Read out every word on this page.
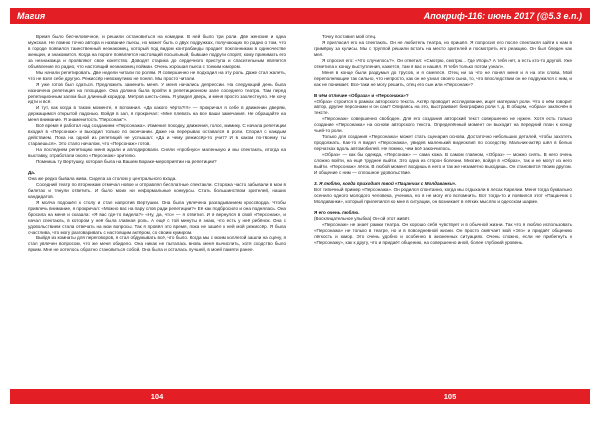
Магия

Время было бесчеловечное, и решили остановиться на комедии. В ней было три роли. Две женские и одна мужская. Не помню точно автора и название пьесы, но может быть о двух подружках, получающих по радио о том, что в городе появился таинственный незнакомец, который под видом контрабанды продает поклонникам в одиночестве женщин, и знакомится. Когда на пороге появляется настоящий посыльный, бывшие подруги спорят, кому принимать его за незнакомца и проявляют свое кокетство. Доводят старика до сердечного приступа и спасительным является объявление по радио, что настоящий незнакомец пойман. Очень хорошая пьеса с тонким юмором.

Мы начали репетировать. Две недели читали по ролям. Я совершенно не подходил на эту роль. Даже стал жалеть, что не взял себе другую. Режиссёр невозмутимо не понял. Мы просто читали.

Я уже готов был сдаться. Предложить заменить меня. У меня начались депрессии. На следующий день была назначена репетиция на площадке. Она должна была пройти в репетиционном зале соседнего театра. Там перед репетиционным залом был длинный коридор. Метров шесть-семь. Я увидел дверь, и меня просто захлестнуло. Не хочу идти и всё.

И тут, как когда в таком моменте, я вспомнил. «Да какого чёрта?!!!» — прокричал я себе в движении дверям, держащимся открытой ладонью. Войдя в зал, я прокричал: «Мне плевать на все ваши замечания. Не обращайте на меня внимание. Я знаменитость "Персонаж"».

Всё время я работал над созданием «Персонажа». Изменил походку, движения, голос, мимику. С начала репетиции входил в «Персонаж» и выходил только по окончании. Даже на перерывах оставался в роли. Спорил с каждым действием. Пока на одной из репетиций не услышал: «Да и чему режиссёр-то учит? И в каком по-твоему ты стараешься». Это стало началом, что «Персонаж» готов.

На последнем репетицию меня ждали и аплодировали. Сняли «пробную» маленькую и мы спектакль, итогда на выставку, отработали около «Персонаж» зрителю.

Помнишь ту Вертушку, которая была на Вашем Бараке-мероприятии на репетиции?

Да.

Она же редко бывала жива. Сидела за столом у центрального входа.

Соседний театр по вторникам отмечал новое и отправлял бесплатные спектакли. Сторожа часто забывали в мои в билетах и тянули ответить. И было моих ни неформальные конкурсы. Стать большинством зрителей, наших кандидатов.

Я молча подошёл к столу и стал напротив Вертушки. Она была увлечена разгадыванием кроссворда. Чтобы привлечь внимание, я прокричал: «Можно вас на пару слов ради репетиции?» Её как подбросило и она поднялась. Она бросила на меня и сказала: «Я вас где-то видела?» «Ну, да, что» — я ответил. И я вернулся в свой «Персонаж», и начал спектакль, в котором у неё была главная роль. А ещё с той минуты я знаю, что есть у неё ребёнок. Она с удовольствием стала отвечать на мои вопросы. Так я провёл это время, пока не зашёл к ней мой режиссёр. Я была счастлива, что могу разговаривать с настоящим актёром, со своим кумиром.

Выйдя из комнаты для переговоров, я стал обдумывать всё, что было. Когда мы с моим коллегой зашли на сцену, я стал увлечен вопросом, что же меня обидело. Она никак не пыталась вновь меня вычислить, хотя сходство было ярким. Мне не хотелось обратно становиться собой. Она была и осталась лучшей, в моей памяти ранее.

104
Апокриф-116: июнь 2017 (@5.3 e.n.)

Точку поставил мой отец.

Я пригласил его на спектакль. Он не любитель театра, но пришёл. Я попросил его после спектакля зайти к нам в гримёрку за кулисы. Мы с труппой решили встать на место зрителей и посмотреть его реакцию. Он был бледен как мел.

Я спросил его: «Что случилось?». Он ответил: «Смотрю, смотрю... Где Игорь? А тебя нет, а есть кто-то другой. Уже отметила к концу выступления, кажется, там я вас и нашёл. Я тебя только потом узнал».

Меня в конце были раздумья до трусов, и я смеялся. Отец ни за что не понял меня и я на эти слова. Мой переполняющие так сильно, что непросто, как он не узнал своего сына, то, что впоследствии он не подружился с ним, и как не понимает. Все-таки не могу решить, отец его сын или «Персонаж»?

В чём отличие «Образа» и «Персонажа»?

«Образ» строится в рамках авторского текста. Актёр проводит исследование, ищет материал роли. Что о нём говорит автор, другие персонажи и он сам? Опираясь на это, выстраивает биографию роли т. д. В общем, «образ» заключён в тексте.

«Персонаж» совершенно свободен. Для его создания авторский текст совершенно не нужен. Хотя есть только создание «Персонажа» на основе авторского текста. Определённый момент он выходит на передний план к концу чьей-то роли.

Только для создания «Персонажа» может стать сценария основа. Достаточно небольших деталей, чтобы захотеть продолжать. Как-то я видел «Персонажа», увидев маленький видеоклип по соседству. Мальчик-актёр шёл в белых перчатках вдоль автомобилей. Не помню, чем всё закончилось.

«Образ» — как бы одежда, «Персонаж» — сама кожа. В самом главном, «Образ» — можно снять. В него очень сложно войти, на ещё труднее выйти. Это одна из сторон болезни. Многие, войдя в «Образ», так и не могут из него выйти. «Персонаж» лёгок. В любой момент входишь в него и так же незаметно выходишь. Он становится твоим другом. И общение с ним — сплошное удовольствие.

3. Я люблю, когда приходит твой «Пацанчик с Молдаванки».

Вот типичный пример «Персонажа». Он родился спонтанно, когда мы отдыхали в лесах Карелии. Меня тогда буквально осенило одного молодого человека, ученика, но я не могу его вспомнить. Вот тогда-то и появился этот «Пацанчик с Молдаванки», который прилепился ко мне в ситуации, он возникает в лёгких мыслях и одесском шарме.

Я его очень люблю.

(Восклицательное улыбка) Он-ой этот живёт.

«Персонаж» не знает рамки театра. Он хорошо себя чувствует и в обычной жизни. Так что я люблю использовать «Персонажа» не только в театре, но и в повседневной жизни. Он просто смягчает мой «Эго» и придаёт общению лёгкость и юмор. Это очень удобно и особенно в жизненных ситуациях. Очень сложно, если не прибегнуть к «Персонажу», как к другу, что и придаёт общению, на совершенно иной, более глубокий уровень.

105
